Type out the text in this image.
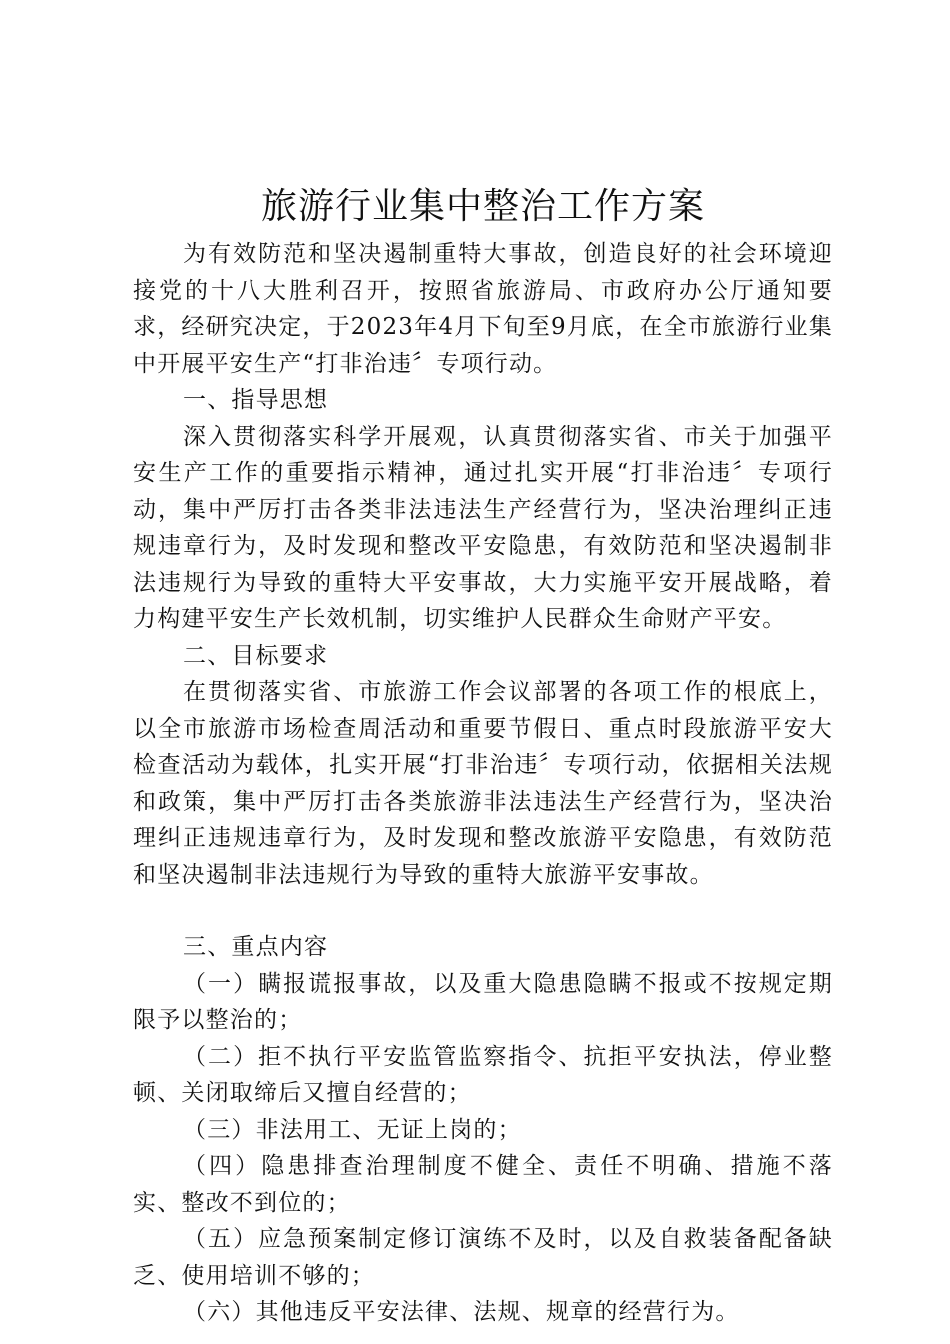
旅游行业集中整治工作方案

为有效防范和坚决遏制重特大事故，创造良好的社会环境迎接党的十八大胜利召开，按照省旅游局、市政府办公厅通知要求，经研究决定，于2023年4月下旬至9月底，在全市旅游行业集中开展平安生产“打非治违〞专项行动。

一、指导思想

深入贯彻落实科学开展观，认真贯彻落实省、市关于加强平安生产工作的重要指示精神，通过扎实开展“打非治违〞专项行动，集中严厉打击各类非法违法生产经营行为，坚决治理纠正违规违章行为，及时发现和整改平安隐患，有效防范和坚决遏制非法违规行为导致的重特大平安事故，大力实施平安开展战略，着力构建平安生产长效机制，切实维护人民群众生命财产平安。

二、目标要求

在贯彻落实省、市旅游工作会议部署的各项工作的根底上，以全市旅游市场检查周活动和重要节假日、重点时段旅游平安大检查活动为载体，扎实开展“打非治违〞专项行动，依据相关法规和政策，集中严厉打击各类旅游非法违法生产经营行为，坚决治理纠正违规违章行为，及时发现和整改旅游平安隐患，有效防范和坚决遏制非法违规行为导致的重特大旅游平安事故。

三、重点内容

（一）瞒报谎报事故，以及重大隐患隐瞒不报或不按规定期限予以整治的；

（二）拒不执行平安监管监察指令、抗拒平安执法，停业整顿、关闭取缔后又擅自经营的；

（三）非法用工、无证上岗的；

（四）隐患排查治理制度不健全、责任不明确、措施不落实、整改不到位的；

（五）应急预案制定修订演练不及时，以及自救装备配备缺乏、使用培训不够的；

（六）其他违反平安法律、法规、规章的经营行为。
